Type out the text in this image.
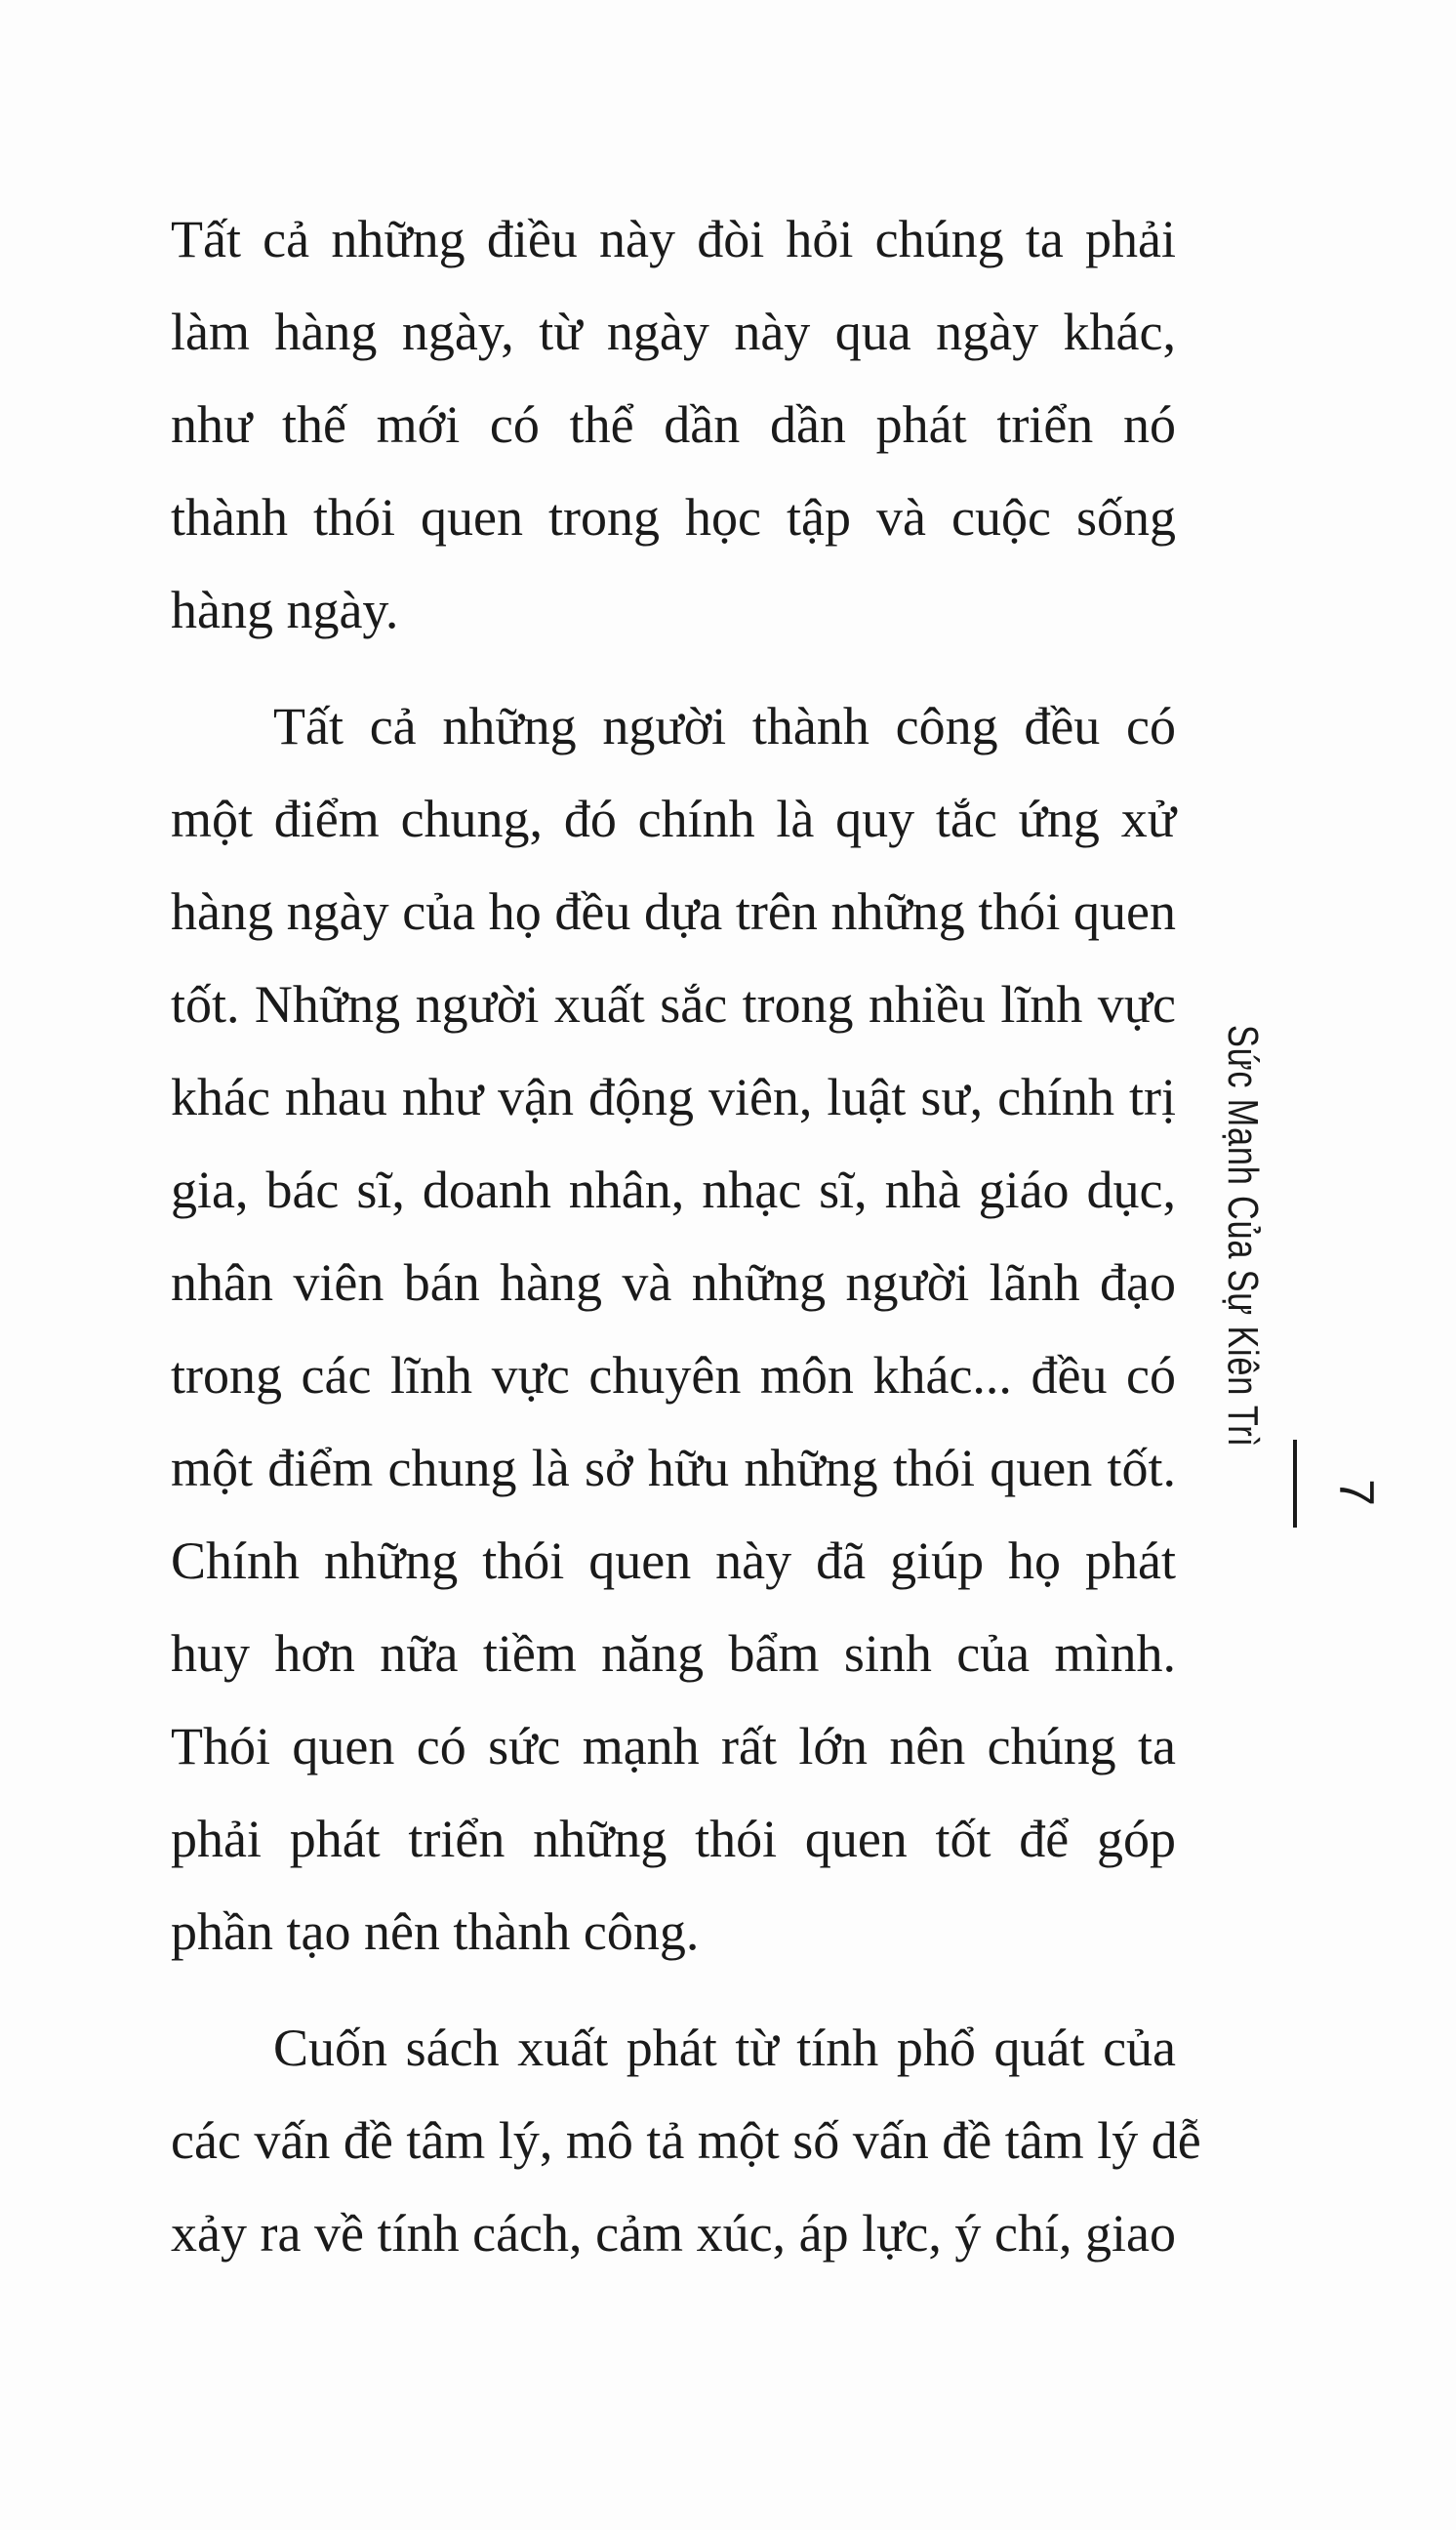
Tất cả những điều này đòi hỏi chúng ta phải
làm hàng ngày, từ ngày này qua ngày khác,
như thế mới có thể dần dần phát triển nó
thành thói quen trong học tập và cuộc sống
hàng ngày.
Tất cả những người thành công đều có
một điểm chung, đó chính là quy tắc ứng xử
hàng ngày của họ đều dựa trên những thói quen
tốt. Những người xuất sắc trong nhiều lĩnh vực
khác nhau như vận động viên, luật sư, chính trị
gia, bác sĩ, doanh nhân, nhạc sĩ, nhà giáo dục,
nhân viên bán hàng và những người lãnh đạo
trong các lĩnh vực chuyên môn khác... đều có
một điểm chung là sở hữu những thói quen tốt.
Chính những thói quen này đã giúp họ phát
huy hơn nữa tiềm năng bẩm sinh của mình.
Thói quen có sức mạnh rất lớn nên chúng ta
phải phát triển những thói quen tốt để góp
phần tạo nên thành công.
Cuốn sách xuất phát từ tính phổ quát của
các vấn đề tâm lý, mô tả một số vấn đề tâm lý dễ
xảy ra về tính cách, cảm xúc, áp lực, ý chí, giao
Sức Mạnh Của Sự Kiên Trì
7
